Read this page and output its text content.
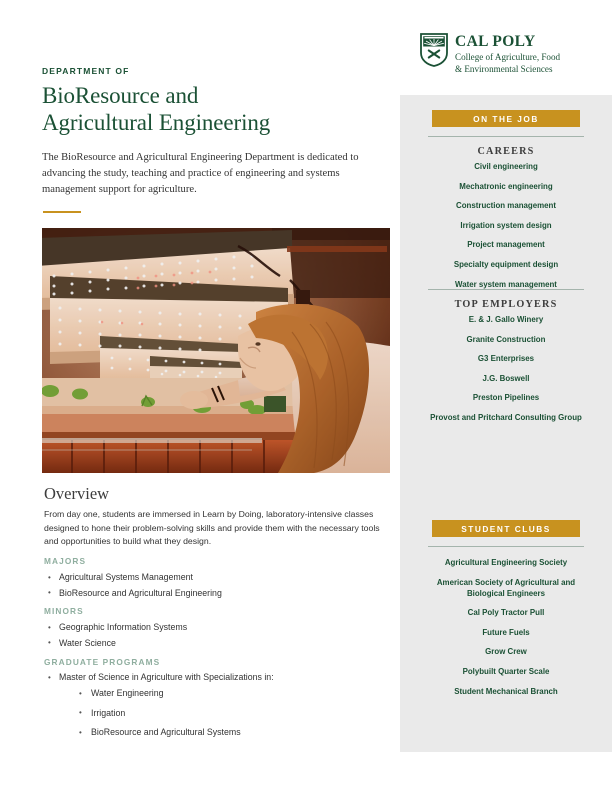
CAL POLY
College of Agriculture, Food
& Environmental Sciences
DEPARTMENT OF
BioResource and
Agricultural Engineering
The BioResource and Agricultural Engineering Department is dedicated to advancing the study, teaching and practice of engineering and systems management support for agriculture.
Overview
From day one, students are immersed in Learn by Doing, laboratory-intensive classes designed to hone their problem-solving skills and provide them with the necessary tools and opportunities to build what they design.
MAJORS
• Agricultural Systems Management
• BioResource and Agricultural Engineering
MINORS
• Geographic Information Systems
• Water Science
GRADUATE PROGRAMS
• Master of Science in Agriculture with Specializations in:
• Water Engineering
• Irrigation
• BioResource and Agricultural Systems
ON THE JOB
CAREERS
Civil engineering
Mechatronic engineering
Construction management
Irrigation system design
Project management
Specialty equipment design
Water system management
TOP EMPLOYERS
E. & J. Gallo Winery
Granite Construction
G3 Enterprises
J.G. Boswell
Preston Pipelines
Provost and Pritchard Consulting Group
STUDENT CLUBS
Agricultural Engineering Society
American Society of Agricultural and Biological Engineers
Cal Poly Tractor Pull
Future Fuels
Grow Crew
Polybuilt Quarter Scale
Student Mechanical Branch
